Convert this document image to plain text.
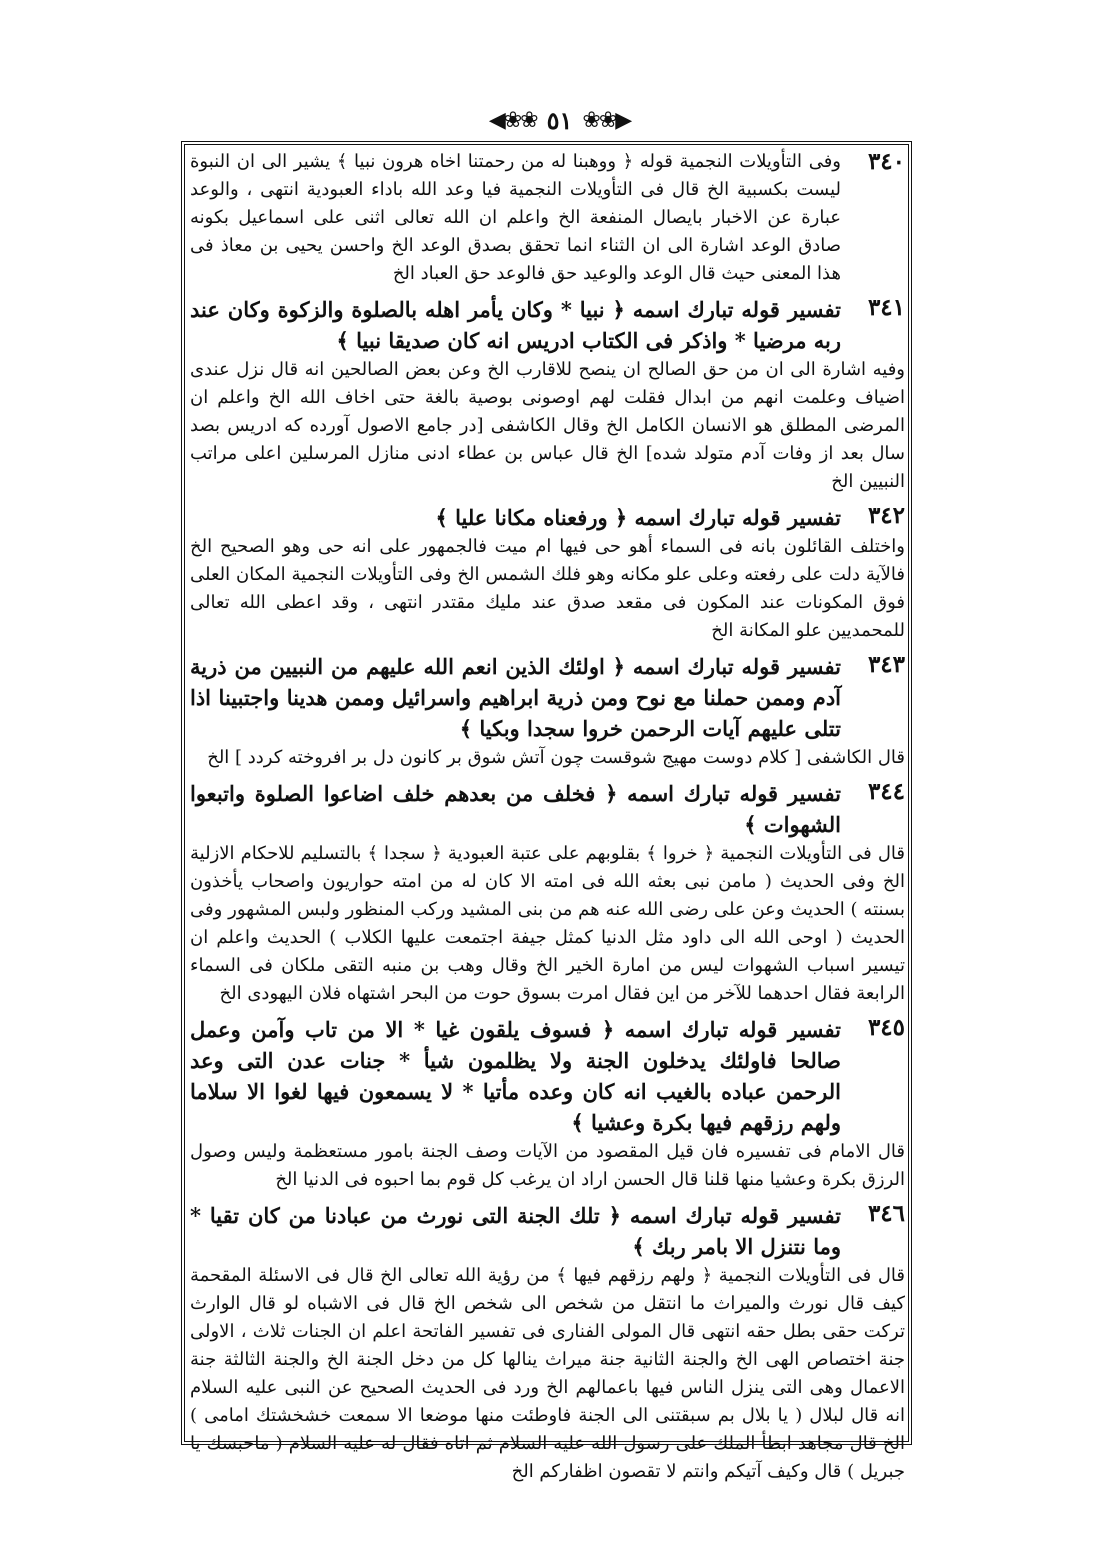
◀❀❀ ٥١ ❀❀▶
٣٤٠
وفی التأویلات النجمیة قوله ﴿ ووهبنا له من رحمتنا اخاه هرون نبیا ﴾ یشیر الی ان النبوة لیست بکسبیة الخ قال فی التأویلات النجمیة فیا وعد الله باداء العبودیة انتهی ، والوعد عبارة عن الاخبار بایصال المنفعة الخ واعلم ان الله تعالی اثنی علی اسماعیل بکونه صادق الوعد اشارة الی ان الثناء انما تحقق بصدق الوعد الخ واحسن یحیی بن معاذ فی هذا المعنی حیث قال الوعد والوعید حق فالوعد حق العباد الخ
٣٤١
تفسیر قوله تبارك اسمه ﴿ نبیا * وکان یأمر اهله بالصلوة والزکوة وکان عند ربه مرضیا * واذکر فی الکتاب ادریس انه کان صدیقا نبیا ﴾
وفیه اشارة الی ان من حق الصالح ان ینصح للاقارب الخ وعن بعض الصالحین انه قال نزل عندی اضیاف وعلمت انهم من ابدال فقلت لهم اوصونی بوصیة بالغة حتی اخاف الله الخ واعلم ان المرضی المطلق هو الانسان الکامل الخ وقال الکاشفی [در جامع الاصول آورده که ادریس بصد سال بعد از وفات آدم متولد شده] الخ قال عباس بن عطاء ادنی منازل المرسلین اعلی مراتب النبیین الخ
٣٤٢
تفسیر قوله تبارك اسمه ﴿ ورفعناه مکانا علیا ﴾
واختلف القائلون بانه فی السماء أهو حی فیها ام میت فالجمهور علی انه حی وهو الصحیح الخ فالآیة دلت علی رفعته وعلی علو مکانه وهو فلك الشمس الخ وفی التأویلات النجمیة المکان العلی فوق المکونات عند المکون فی مقعد صدق عند ملیك مقتدر انتهی ، وقد اعطی الله تعالی للمحمدیین علو المکانة الخ
٣٤٣
تفسیر قوله تبارك اسمه ﴿ اولئك الذین انعم الله علیهم من النبیین من ذریة آدم وممن حملنا مع نوح ومن ذریة ابراهیم واسرائیل وممن هدینا واجتبینا اذا تتلی علیهم آیات الرحمن خروا سجدا وبکیا ﴾
قال الکاشفی [ کلام دوست مهیج شوقست چون آتش شوق بر کانون دل بر افروخته کردد ] الخ
٣٤٤
تفسیر قوله تبارك اسمه ﴿ فخلف من بعدهم خلف اضاعوا الصلوة واتبعوا الشهوات ﴾
قال فی التأویلات النجمیة ﴿ خروا ﴾ بقلوبهم علی عتبة العبودیة ﴿ سجدا ﴾ بالتسلیم للاحکام الازلیة الخ وفی الحدیث ( مامن نبی بعثه الله فی امته الا کان له من امته حواریون واصحاب یأخذون بسنته ) الحدیث وعن علی رضی الله عنه هم من بنی المشید ورکب المنظور ولبس المشهور وفی الحدیث ( اوحی الله الی داود مثل الدنیا کمثل جیفة اجتمعت علیها الکلاب ) الحدیث واعلم ان تیسیر اسباب الشهوات لیس من امارة الخیر الخ وقال وهب بن منبه التقی ملکان فی السماء الرابعة فقال احدهما للآخر من این فقال امرت بسوق حوت من البحر اشتهاه فلان الیهودی الخ
٣٤٥
تفسیر قوله تبارك اسمه ﴿ فسوف یلقون غیا * الا من تاب وآمن وعمل صالحا فاولئك یدخلون الجنة ولا یظلمون شیأ * جنات عدن التی وعد الرحمن عباده بالغیب انه کان وعده مأتیا * لا یسمعون فیها لغوا الا سلاما ولهم رزقهم فیها بکرة وعشیا ﴾
قال الامام فی تفسیره فان قیل المقصود من الآیات وصف الجنة بامور مستعظمة ولیس وصول الرزق بکرة وعشیا منها قلنا قال الحسن اراد ان یرغب کل قوم بما احبوه فی الدنیا الخ
٣٤٦
تفسیر قوله تبارك اسمه ﴿ تلك الجنة التی نورث من عبادنا من کان تقیا * وما نتنزل الا بامر ربك ﴾
قال فی التأویلات النجمیة ﴿ ولهم رزقهم فیها ﴾ من رؤیة الله تعالی الخ قال فی الاسئلة المقحمة کیف قال نورث والمیراث ما انتقل من شخص الی شخص الخ قال فی الاشباه لو قال الوارث ترکت حقی بطل حقه انتهی قال المولی الفناری فی تفسیر الفاتحة اعلم ان الجنات ثلاث ، الاولی جنة اختصاص الهی الخ والجنة الثانیة جنة میراث ینالها کل من دخل الجنة الخ والجنة الثالثة جنة الاعمال وهی التی ینزل الناس فیها باعمالهم الخ ورد فی الحدیث الصحیح عن النبی علیه السلام انه قال لبلال ( یا بلال بم سبقتنی الی الجنة فاوطئت منها موضعا الا سمعت خشخشتك امامی ) الخ قال مجاهد ابطأ الملك علی رسول الله علیه السلام ثم اتاه فقال له علیه السلام ( ماحبسك یا جبریل ) قال وکیف آتیکم وانتم لا تقصون اظفارکم الخ
